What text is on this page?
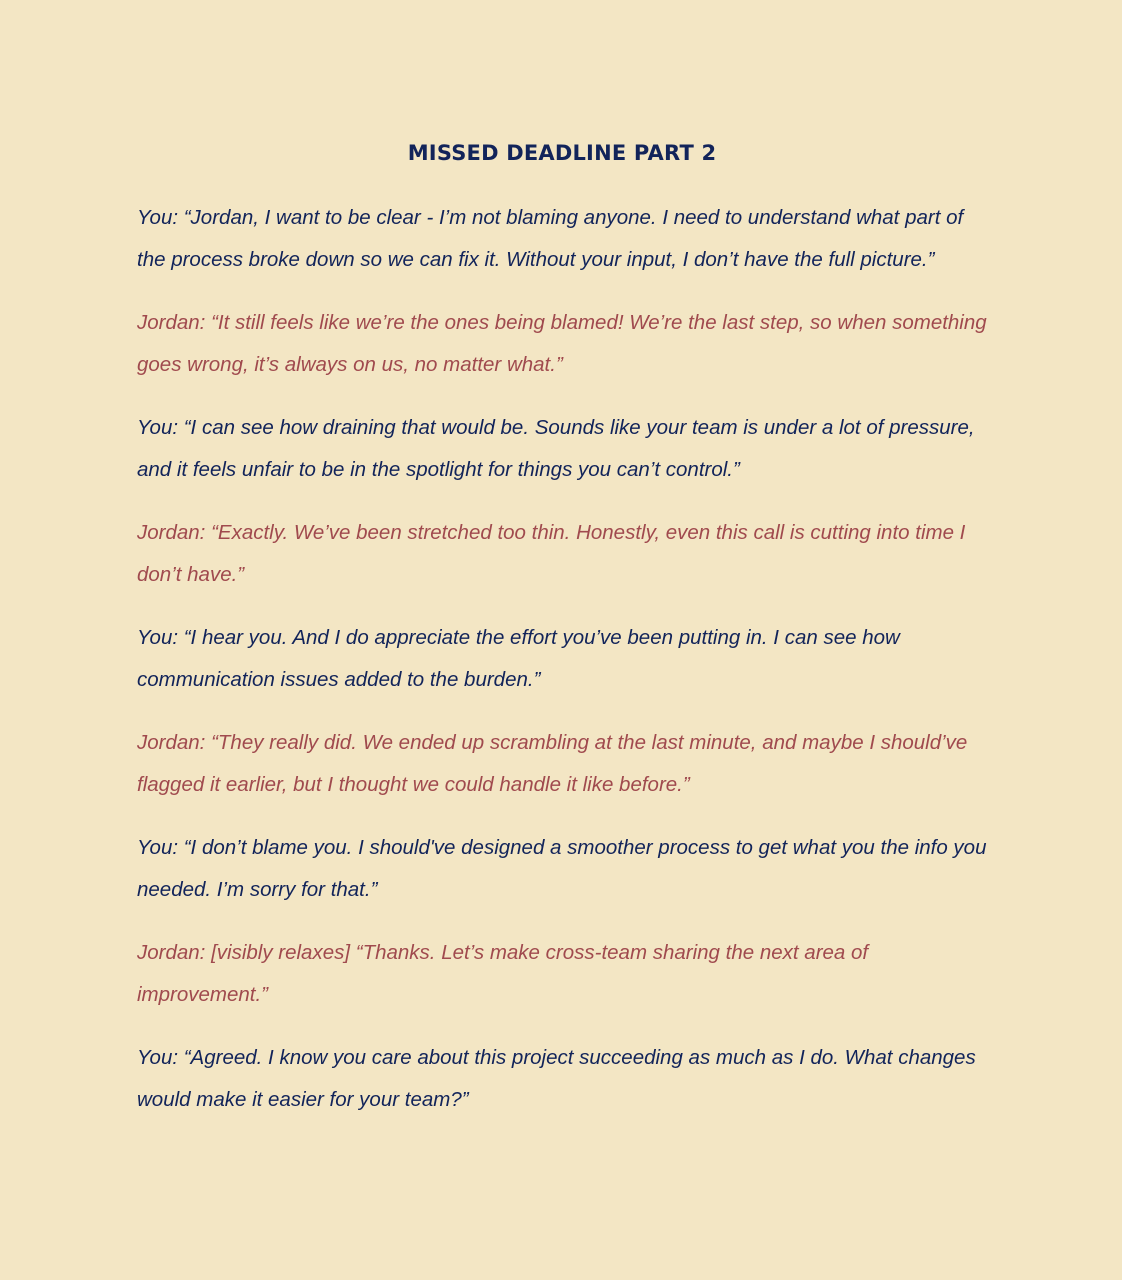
MISSED DEADLINE PART 2

You: “Jordan, I want to be clear - I’m not blaming anyone. I need to understand what part of the process broke down so we can fix it. Without your input, I don’t have the full picture.”

Jordan: “It still feels like we’re the ones being blamed! We’re the last step, so when something goes wrong, it’s always on us, no matter what.”

You: “I can see how draining that would be. Sounds like your team is under a lot of pressure, and it feels unfair to be in the spotlight for things you can’t control.”

Jordan: “Exactly. We’ve been stretched too thin. Honestly, even this call is cutting into time I don’t have.”

You: “I hear you. And I do appreciate the effort you’ve been putting in. I can see how communication issues added to the burden.”

Jordan: “They really did. We ended up scrambling at the last minute, and maybe I should’ve flagged it earlier, but I thought we could handle it like before.”

You: “I don’t blame you. I should've designed a smoother process to get what you the info you needed. I’m sorry for that.”

Jordan: [visibly relaxes] “Thanks. Let’s make cross-team sharing the next area of improvement.”

You: “Agreed. I know you care about this project succeeding as much as I do. What changes would make it easier for your team?”
